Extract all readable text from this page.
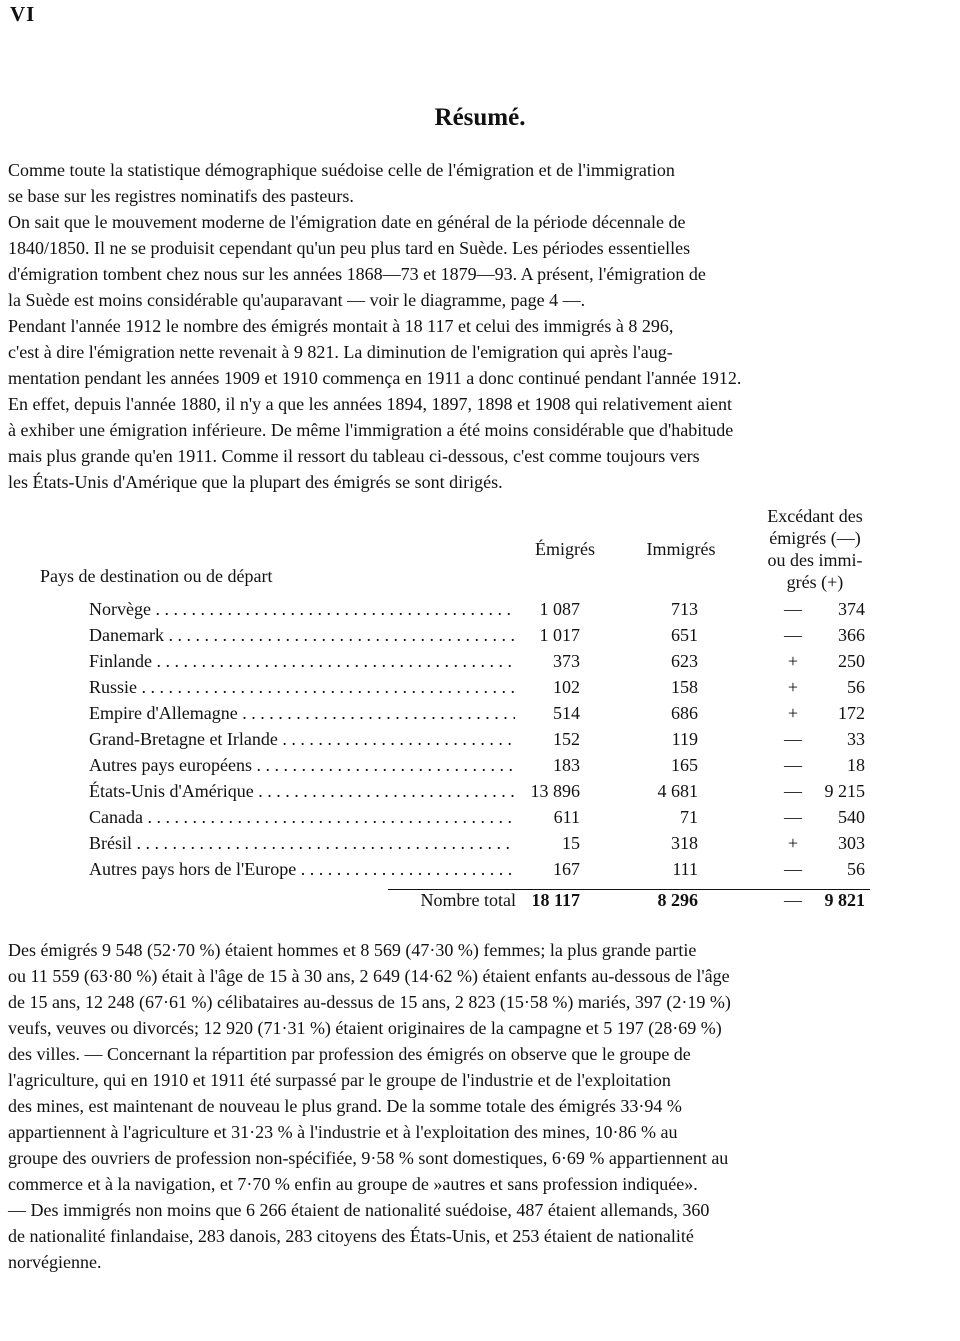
VI
Résumé.
Comme toute la statistique démographique suédoise celle de l'émigration et de l'immigration
se base sur les registres nominatifs des pasteurs.
On sait que le mouvement moderne de l'émigration date en général de la période décennale de
1840/1850. Il ne se produisit cependant qu'un peu plus tard en Suède. Les périodes essentielles
d'émigration tombent chez nous sur les années 1868—73 et 1879—93. A présent, l'émigration de
la Suède est moins considérable qu'auparavant — voir le diagramme, page 4 —.
Pendant l'année 1912 le nombre des émigrés montait à 18 117 et celui des immigrés à 8 296,
c'est à dire l'émigration nette revenait à 9 821. La diminution de l'emigration qui après l'aug-
mentation pendant les années 1909 et 1910 commença en 1911 a donc continué pendant l'année 1912.
En effet, depuis l'année 1880, il n'y a que les années 1894, 1897, 1898 et 1908 qui relativement aient
à exhiber une émigration inférieure. De même l'immigration a été moins considérable que d'habitude
mais plus grande qu'en 1911. Comme il ressort du tableau ci-dessous, c'est comme toujours vers
les États-Unis d'Amérique que la plupart des émigrés se sont dirigés.
Pays de destination ou de départ
Émigrés	Immigrés
Excédant des
émigrés (—)
ou des immi-
grés (+)
Norvège . . .	1 087	713	—	374
Danemark . . .	1 017	651	—	366
Finlande . . .	373	623	+	250
Russie . . .	102	158	+	56
Empire d'Allemagne . . .	514	686	+	172
Grand-Bretagne et Irlande . . .	152	119	—	33
Autres pays européens . . .	183	165	—	18
États-Unis d'Amérique . . .	13 896	4 681	—	9 215
Canada . . .	611	71	—	540
Brésil . . .	15	318	+	303
Autres pays hors de l'Europe . . .	167	111	—	56
Nombre total 18 117	8 296	—	9 821
Des émigrés 9 548 (52·70 %) étaient hommes et 8 569 (47·30 %) femmes; la plus grande partie
ou 11 559 (63·80 %) était à l'âge de 15 à 30 ans, 2 649 (14·62 %) étaient enfants au-dessous de l'âge
de 15 ans, 12 248 (67·61 %) célibataires au-dessus de 15 ans, 2 823 (15·58 %) mariés, 397 (2·19 %)
veufs, veuves ou divorcés; 12 920 (71·31 %) étaient originaires de la campagne et 5 197 (28·69 %)
des villes. — Concernant la répartition par profession des émigrés on observe que le groupe de
l'agriculture, qui en 1910 et 1911 été surpassé par le groupe de l'industrie et de l'exploitation
des mines, est maintenant de nouveau le plus grand. De la somme totale des émigrés 33·94 %
appartiennent à l'agriculture et 31·23 % à l'industrie et à l'exploitation des mines, 10·86 % au
groupe des ouvriers de profession non-spécifiée, 9·58 % sont domestiques, 6·69 % appartiennent au
commerce et à la navigation, et 7·70 % enfin au groupe de »autres et sans profession indiquée».
— Des immigrés non moins que 6 266 étaient de nationalité suédoise, 487 étaient allemands, 360
de nationalité finlandaise, 283 danois, 283 citoyens des États-Unis, et 253 étaient de nationalité
norvégienne.
